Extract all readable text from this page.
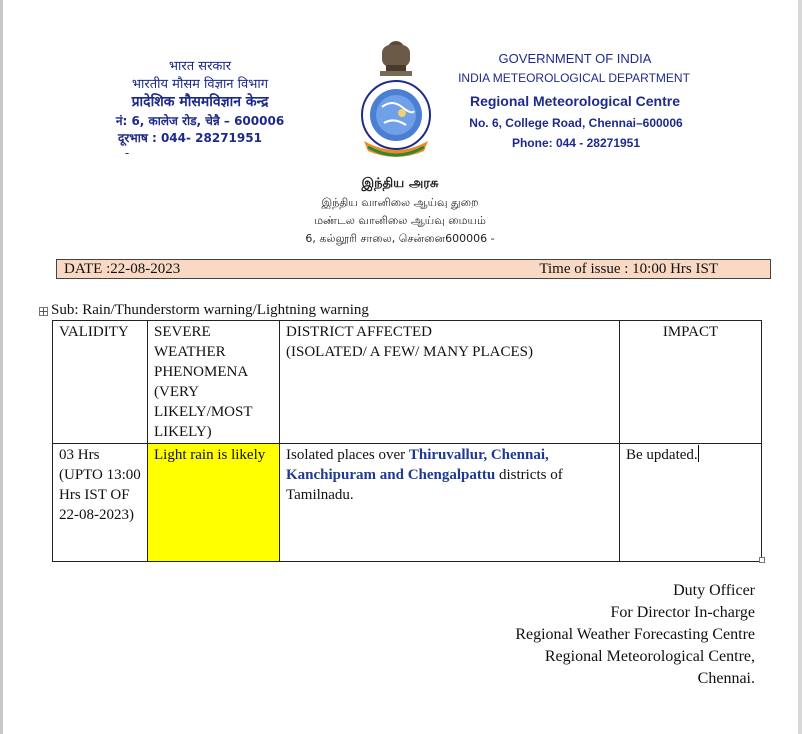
भारत सरकार
भारतीय मौसम विज्ञान विभाग
प्रादेशिक मौसमविज्ञान केन्द्र
नं: 6, कालेज रोड, चेन्नै – 600006
दूरभाष : 044- 28271951
-
GOVERNMENT OF INDIA
INDIA METEOROLOGICAL DEPARTMENT
Regional Meteorological Centre
No. 6, College Road, Chennai–600006
Phone: 044 - 28271951
இந்திய அரசு
இந்திய வானிலை ஆய்வு துறை
மண்டல வானிலை ஆய்வு மையம்
6, கல்லூரி சாலை, சென்னை600006 -
DATE :22-08-2023	Time of issue : 10:00 Hrs IST
Sub: Rain/Thunderstorm warning/Lightning warning
VALIDITY	SEVERE WEATHER PHENOMENA (VERY LIKELY/MOST LIKELY)	DISTRICT AFFECTED
(ISOLATED/ A FEW/ MANY PLACES)	IMPACT
03 Hrs (UPTO 13:00 Hrs IST OF 22-08-2023)	Light rain is likely	Isolated places over Thiruvallur, Chennai, Kanchipuram and Chengalpattu districts of Tamilnadu.	Be updated.
Duty Officer
For Director In-charge
Regional Weather Forecasting Centre
Regional Meteorological Centre,
Chennai.
